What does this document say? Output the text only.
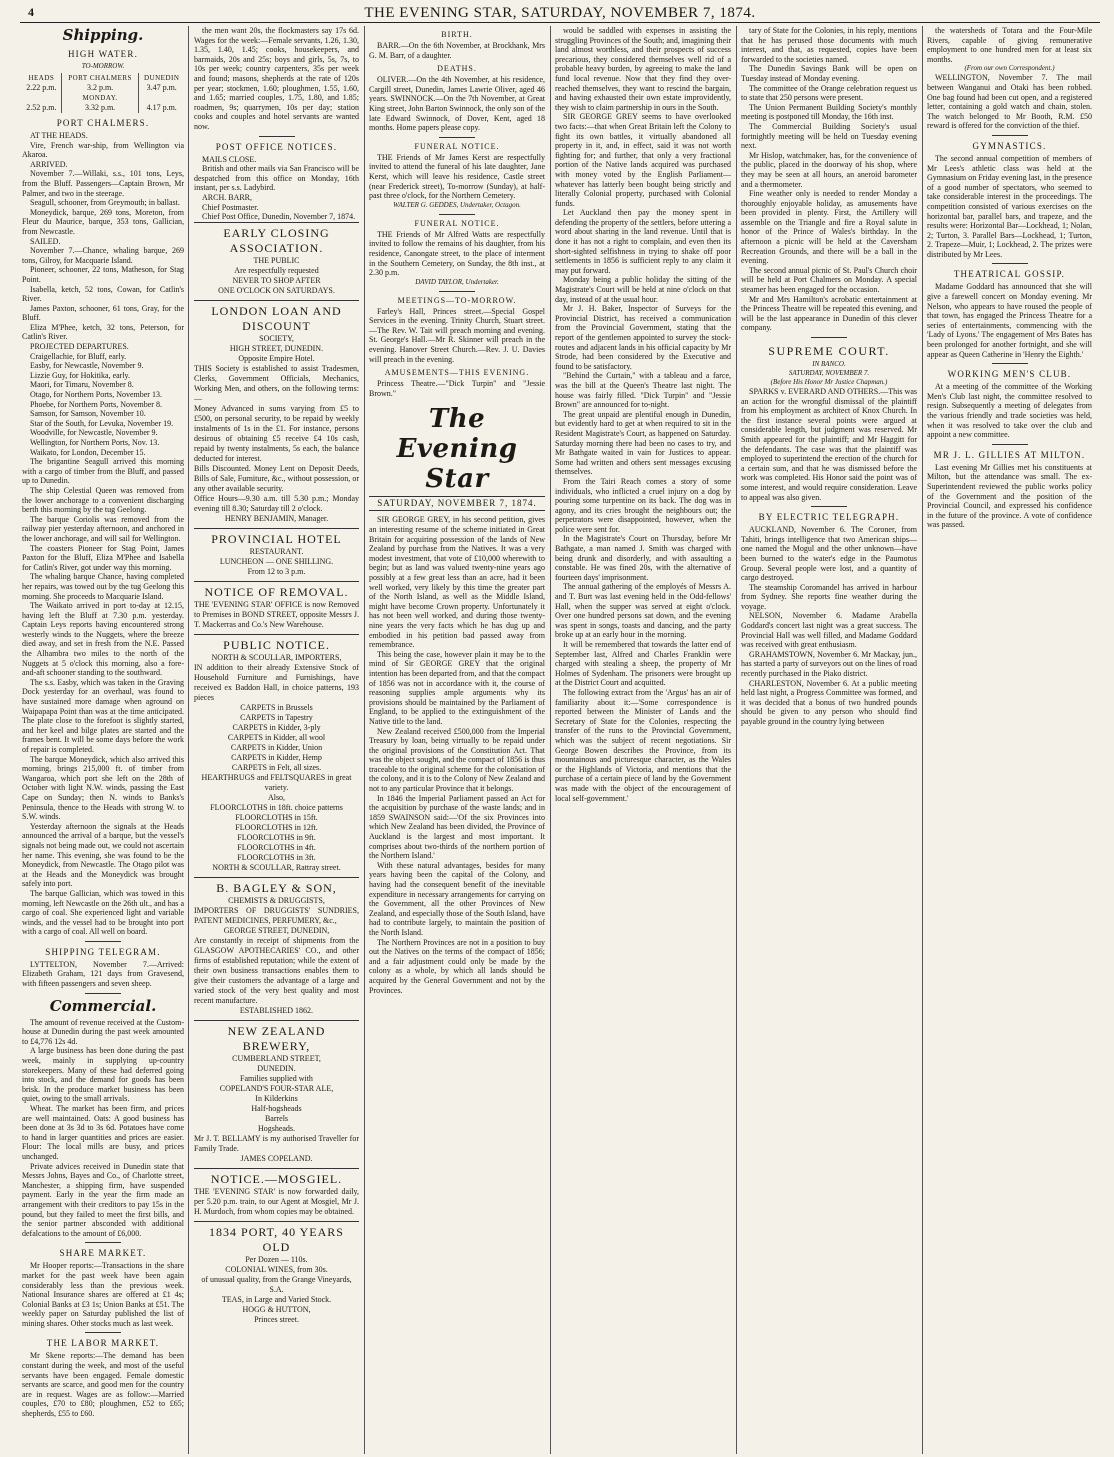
4	THE EVENING STAR, SATURDAY, NOVEMBER 7, 1874.
Shipping.
HIGH WATER.
TO-MORROW.
HEADS	PORT CHALMERS	DUNEDIN
2.22 p.m.	3.2 p.m.	3.47 p.m.
	MONDAY.	
2.52 p.m.	3.32 p.m.	4.17 p.m.
PORT CHALMERS.

AT THE HEADS.

Vire, French war-ship, from Wellington via Akaroa.

ARRIVED.

November 7.—Willaki, s.s., 101 tons, Leys, from the Bluff. Passengers—Captain Brown, Mr Palmer, and two in the steerage.

Seagull, schooner, from Greymouth; in ballast.

Moneydick, barque, 269 tons, Moreton, from Fleur du Maurice, barque, 353 tons, Gallician, from Newcastle.

SAILED.

November 7.—Chance, whaling barque, 269 tons, Gilroy, for Macquarie Island.

Pioneer, schooner, 22 tons, Matheson, for Stag Point.

Isabella, ketch, 52 tons, Cowan, for Catlin's River.

James Paxton, schooner, 61 tons, Gray, for the Bluff.

Eliza M'Phee, ketch, 32 tons, Peterson, for Catlin's River.

PROJECTED DEPARTURES.

Craigellachie, for Bluff, early.

Easby, for Newcastle, November 9.

Lizzie Guy, for Hokitika, early.

Maori, for Timaru, November 8.

Otago, for Northern Ports, November 13.

Phoebe, for Northern Ports, November 8.

Samson, for Samson, November 10.

Star of the South, for Levuka, November 19.

Woodville, for Newcastle, November 9.

Wellington, for Northern Ports, Nov. 13.

Waikato, for London, December 15.

The brigantine Seagull arrived this morning with a cargo of timber from the Bluff, and passed up to Dunedin.

The ship Celestial Queen was removed from the lower anchorage to a convenient discharging berth this morning by the tug Geelong.

The barque Coriolis was removed from the railway pier yesterday afternoon, and anchored in the lower anchorage, and will sail for Wellington.

The coasters Pioneer for Stag Point, James Paxton for the Bluff, Eliza M'Phee and Isabella for Catlin's River, got under way this morning.

The whaling barque Chance, having completed her repairs, was towed out by the tug Geelong this morning. She proceeds to Macquarie Island.

The Waikato arrived in port to-day at 12.15, having left the Bluff at 7.30 p.m. yesterday. Captain Leys reports having encountered strong westerly winds to the Nuggets, where the breeze died away, and set in fresh from the N.E. Passed the Alhambra two miles to the north of the Nuggets at 5 o'clock this morning, also a fore-and-aft schooner standing to the southward.

The s.s. Easby, which was taken in the Graving Dock yesterday for an overhaul, was found to have sustained more damage when aground on Waipapapa Point than was at the time anticipated. The plate close to the forefoot is slightly started, and her keel and bilge plates are started and the frames bent. It will be some days before the work of repair is completed.

The barque Moneydick, which also arrived this morning, brings 215,000 ft. of timber from Wangaroa, which port she left on the 28th of October with light N.W. winds, passing the East Cape on Sunday; then N. winds to Banks's Peninsula, thence to the Heads with strong W. to S.W. winds.

Yesterday afternoon the signals at the Heads announced the arrival of a barque, but the vessel's signals not being made out, we could not ascertain her name. This evening, she was found to be the Moneydick, from Newcastle. The Otago pilot was at the Heads and the Moneydick was brought safely into port.

The barque Gallician, which was towed in this morning, left Newcastle on the 26th ult., and has a cargo of coal. She experienced light and variable winds, and the vessel had to be brought into port with a cargo of coal. All well on board.

SHIPPING TELEGRAM.

LYTTELTON, November 7.—Arrived: Elizabeth Graham, 121 days from Gravesend, with fifteen passengers and seven sheep.

Commercial.

The amount of revenue received at the Custom-house at Dunedin during the past week amounted to £4,776 12s 4d.

A large business has been done during the past week, mainly in supplying up-country storekeepers. Many of these had deferred going into stock, and the demand for goods has been brisk. In the produce market business has been quiet, owing to the small arrivals.

Wheat. The market has been firm, and prices are well maintained. Oats: A good business has been done at 3s 3d to 3s 6d. Potatoes have come to hand in larger quantities and prices are easier. Flour: The local mills are busy, and prices unchanged.

Private advices received in Dunedin state that Messrs Johns, Bayes and Co., of Charlotte street, Manchester, a shipping firm, have suspended payment. Early in the year the firm made an arrangement with their creditors to pay 15s in the pound, but they failed to meet the first bills, and the senior partner absconded with additional defalcations to the amount of £6,000.

SHARE MARKET.

Mr Hooper reports:—Transactions in the share market for the past week have been again considerably less than the previous week. National Insurance shares are offered at £1 4s; Colonial Banks at £3 1s; Union Banks at £51. The weekly paper on Saturday published the list of mining shares. Other stocks much as last week.

THE LABOR MARKET.

Mr Skene reports:—The demand has been constant during the week, and most of the useful servants have been engaged. Female domestic servants are scarce, and good men for the country are in request. Wages are as follow:—Married couples, £70 to £80; ploughmen, £52 to £65; shepherds, £55 to £60.

the men want 20s, the flockmasters say 17s 6d. Wages for the week:—Female servants, 1.26, 1.30, 1.35, 1.40, 1.45; cooks, housekeepers, and barmaids, 20s and 25s; boys and girls, 5s, 7s, to 10s per week; country carpenters, 35s per week and found; masons, shepherds at the rate of 120s per year; stockmen, 1.60; ploughmen, 1.55, 1.60, and 1.65; married couples, 1.75, 1.80, and 1.85; roadmen, 9s; quarrymen, 10s per day; station cooks and couples and hotel servants are wanted now.

POST OFFICE NOTICES.

MAILS CLOSE.

British and other mails via San Francisco will be despatched from this office on Monday, 16th instant, per s.s. Ladybird.

ARCH. BARR,

Chief Postmaster.

Chief Post Office, Dunedin, November 7, 1874.

EARLY CLOSING ASSOCIATION.
THE PUBLIC
Are respectfully requested
NEVER TO SHOP AFTER
ONE O'CLOCK ON SATURDAYS.
LONDON LOAN AND DISCOUNT
SOCIETY,
HIGH STREET, DUNEDIN.
Opposite Empire Hotel.
THIS Society is established to assist Tradesmen, Clerks, Government Officials, Mechanics, Working Men, and others, on the following terms:—
Money Advanced in sums varying from £5 to £500, on personal security, to be repaid by weekly instalments of 1s in the £1. For instance, persons desirous of obtaining £5 receive £4 10s cash, repaid by twenty instalments, 5s each, the balance deducted for interest.
Bills Discounted. Money Lent on Deposit Deeds, Bills of Sale, Furniture, &c., without possession, or any other available security.
Office Hours—9.30 a.m. till 5.30 p.m.; Monday evening till 8.30; Saturday till 2 o'clock.
HENRY BENJAMIN, Manager.
PROVINCIAL HOTEL
RESTAURANT.
LUNCHEON — ONE SHILLING.
From 12 to 3 p.m.
NOTICE OF REMOVAL.
THE 'EVENING STAR' OFFICE is now Removed to Premises in BOND STREET, opposite Messrs J. T. Mackerras and Co.'s New Warehouse.
PUBLIC NOTICE.
NORTH & SCOULLAR, IMPORTERS,
IN addition to their already Extensive Stock of Household Furniture and Furnishings, have received ex Baddon Hall, in choice patterns, 193 pieces
CARPETS in Brussels
CARPETS in Tapestry
CARPETS in Kidder, 3-ply
CARPETS in Kidder, all wool
CARPETS in Kidder, Union
CARPETS in Kidder, Hemp
CARPETS in Felt, all sizes.
HEARTHRUGS and FELTSQUARES in great variety.
Also,
FLOORCLOTHS in 18ft. choice patterns
FLOORCLOTHS in 15ft.
FLOORCLOTHS in 12ft.
FLOORCLOTHS in 9ft.
FLOORCLOTHS in 4ft.
FLOORCLOTHS in 3ft.
NORTH & SCOULLAR, Rattray street.
B. BAGLEY & SON,
CHEMISTS & DRUGGISTS,
IMPORTERS OF DRUGGISTS' SUNDRIES, PATENT MEDICINES, PERFUMERY, &c.,
GEORGE STREET, DUNEDIN,
Are constantly in receipt of shipments from the GLASGOW APOTHECARIES' CO., and other firms of established reputation; while the extent of their own business transactions enables them to give their customers the advantage of a large and varied stock of the very best quality and most recent manufacture.
ESTABLISHED 1862.
NEW ZEALAND BREWERY,
CUMBERLAND STREET,
DUNEDIN.
Families supplied with
COPELAND'S FOUR-STAR ALE,
In Kilderkins
Half-hogsheads
Barrels
Hogsheads.
Mr J. T. BELLAMY is my authorised Traveller for Family Trade.
JAMES COPELAND.
NOTICE.—MOSGIEL.
THE 'EVENING STAR' is now forwarded daily, per 5.20 p.m. train, to our Agent at Mosgiel, Mr J. H. Murdoch, from whom copies may be obtained.
1834 PORT, 40 YEARS OLD
Per Dozen — 110s.
COLONIAL WINES, from 30s.
of unusual quality, from the Grange Vineyards, S.A.
TEAS, in Large and Varied Stock.
HOGG & HUTTON,
Princes street.
BIRTH.

BARR.—On the 6th November, at Brockhank, Mrs G. M. Barr, of a daughter.

DEATHS.

OLIVER.—On the 4th November, at his residence, Cargill street, Dunedin, James Lawrie Oliver, aged 46 years. SWINNOCK.—On the 7th November, at Great King street, John Barton Swinnock, the only son of the late Edward Swinnock, of Dover, Kent, aged 18 months. Home papers please copy.

FUNERAL NOTICE.

THE Friends of Mr James Kerst are respectfully invited to attend the funeral of his late daughter, Jane Kerst, which will leave his residence, Castle street (near Frederick street), To-morrow (Sunday), at half-past three o'clock, for the Northern Cemetery.

WALTER G. GEDDES, Undertaker, Octagon.
FUNERAL NOTICE.

THE Friends of Mr Alfred Watts are respectfully invited to follow the remains of his daughter, from his residence, Canongate street, to the place of interment in the Southern Cemetery, on Sunday, the 8th inst., at 2.30 p.m.

DAVID TAYLOR, Undertaker.
MEETINGS—TO-MORROW.

Farley's Hall, Princes street.—Special Gospel Services in the evening. Trinity Church, Stuart street.—The Rev. W. Tait will preach morning and evening. St. George's Hall.—Mr R. Skinner will preach in the evening. Hanover Street Church.—Rev. J. U. Davies will preach in the evening.

AMUSEMENTS—THIS EVENING.

Princess Theatre.—"Dick Turpin" and "Jessie Brown."

The Evening Star
SATURDAY, NOVEMBER 7, 1874.

SIR GEORGE GREY, in his second petition, gives an interesting resume of the scheme initiated in Great Britain for acquiring possession of the lands of New Zealand by purchase from the Natives. It was a very modest investment, that vote of £10,000 wherewith to begin; but as land was valued twenty-nine years ago possibly at a few great less than an acre, had it been well worked, very likely by this time the greater part of the North Island, as well as the Middle Island, might have become Crown property. Unfortunately it has not been well worked, and during those twenty-nine years the very facts which he has dug up and embodied in his petition bad passed away from remembrance.

This being the case, however plain it may be to the mind of Sir GEORGE GREY that the original intention has been departed from, and that the compact of 1856 was not in accordance with it, the course of reasoning supplies ample arguments why its provisions should be maintained by the Parliament of England, to be applied to the extinguishment of the Native title to the land.

New Zealand received £500,000 from the Imperial Treasury by loan, being virtually to be repaid under the original provisions of the Constitution Act. That was the object sought, and the compact of 1856 is thus traceable to the original scheme for the colonisation of the colony, and it is to the Colony of New Zealand and not to any particular Province that it belongs.

In 1846 the Imperial Parliament passed an Act for the acquisition by purchase of the waste lands; and in 1859 SWAINSON said:—'Of the six Provinces into which New Zealand has been divided, the Province of Auckland is the largest and most important. It comprises about two-thirds of the northern portion of the Northern Island.'

With these natural advantages, besides for many years having been the capital of the Colony, and having had the consequent benefit of the inevitable expenditure in necessary arrangements for carrying on the Government, all the other Provinces of New Zealand, and especially those of the South Island, have had to contribute largely, to maintain the position of the North Island.

The Northern Provinces are not in a position to buy out the Natives on the terms of the compact of 1856; and a fair adjustment could only be made by the colony as a whole, by which all lands should be acquired by the General Government and not by the Provinces.

would be saddled with expenses in assisting the struggling Provinces of the South; and, imagining their land almost worthless, and their prospects of success precarious, they considered themselves well rid of a probable heavy burden, by agreeing to make the land fund local revenue. Now that they find they over-reached themselves, they want to rescind the bargain, and having exhausted their own estate improvidently, they wish to claim partnership in ours in the South.

SIR GEORGE GREY seems to have overlooked two facts:—that when Great Britain left the Colony to fight its own battles, it virtually abandoned all property in it, and, in effect, said it was not worth fighting for; and further, that only a very fractional portion of the Native lands acquired was purchased with money voted by the English Parliament—whatever has latterly been bought being strictly and literally Colonial property, purchased with Colonial funds.

Let Auckland then pay the money spent in defending the property of the settlers, before uttering a word about sharing in the land revenue. Until that is done it has not a right to complain, and even then its short-sighted selfishness in trying to shake off poor settlements in 1856 is sufficient reply to any claim it may put forward.

Monday being a public holiday the sitting of the Magistrate's Court will be held at nine o'clock on that day, instead of at the usual hour.

Mr J. H. Baker, Inspector of Surveys for the Provincial District, has received a communication from the Provincial Government, stating that the report of the gentlemen appointed to survey the stock-routes and adjacent lands in his official capacity by Mr Strode, had been considered by the Executive and found to be satisfactory.

"Behind the Curtain," with a tableau and a farce, was the bill at the Queen's Theatre last night. The house was fairly filled. "Dick Turpin" and "Jessie Brown" are announced for to-night.

The great unpaid are plentiful enough in Dunedin, but evidently hard to get at when required to sit in the Resident Magistrate's Court, as happened on Saturday. Saturday morning there had been no cases to try, and Mr Bathgate waited in vain for Justices to appear. Some had written and others sent messages excusing themselves.

From the Tairi Reach comes a story of some individuals, who inflicted a cruel injury on a dog by pouring some turpentine on its back. The dog was in agony, and its cries brought the neighbours out; the perpetrators were disappointed, however, when the police were sent for.

In the Magistrate's Court on Thursday, before Mr Bathgate, a man named J. Smith was charged with being drunk and disorderly, and with assaulting a constable. He was fined 20s, with the alternative of fourteen days' imprisonment.

The annual gathering of the employés of Messrs A. and T. Burt was last evening held in the Odd-fellows' Hall, when the supper was served at eight o'clock. Over one hundred persons sat down, and the evening was spent in songs, toasts and dancing, and the party broke up at an early hour in the morning.

It will be remembered that towards the latter end of September last, Alfred and Charles Franklin were charged with stealing a sheep, the property of Mr Holmes of Sydenham. The prisoners were brought up at the District Court and acquitted.

The following extract from the 'Argus' has an air of familiarity about it:—'Some correspondence is reported between the Minister of Lands and the Secretary of State for the Colonies, respecting the transfer of the runs to the Provincial Government, which was the subject of recent negotiations. Sir George Bowen describes the Province, from its mountainous and picturesque character, as the Wales or the Highlands of Victoria, and mentions that the purchase of a certain piece of land by the Government was made with the object of the encouragement of local self-government.'

tary of State for the Colonies, in his reply, mentions that he has perused those documents with much interest, and that, as requested, copies have been forwarded to the societies named.

The Dunedin Savings Bank will be open on Tuesday instead of Monday evening.

The committee of the Orange celebration request us to state that 250 persons were present.

The Union Permanent Building Society's monthly meeting is postponed till Monday, the 16th inst.

The Commercial Building Society's usual fortnightly meeting will be held on Tuesday evening next.

Mr Hislop, watchmaker, has, for the convenience of the public, placed in the doorway of his shop, where they may be seen at all hours, an aneroid barometer and a thermometer.

Fine weather only is needed to render Monday a thoroughly enjoyable holiday, as amusements have been provided in plenty. First, the Artillery will assemble on the Triangle and fire a Royal salute in honor of the Prince of Wales's birthday. In the afternoon a picnic will be held at the Caversham Recreation Grounds, and there will be a ball in the evening.

The second annual picnic of St. Paul's Church choir will be held at Port Chalmers on Monday. A special steamer has been engaged for the occasion.

Mr and Mrs Hamilton's acrobatic entertainment at the Princess Theatre will be repeated this evening, and will be the last appearance in Dunedin of this clever company.

SUPREME COURT.
IN BANCO.
SATURDAY, NOVEMBER 7.
(Before His Honor Mr Justice Chapman.)

SPARKS v. EVERARD AND OTHERS.—This was an action for the wrongful dismissal of the plaintiff from his employment as architect of Knox Church. In the first instance several points were argued at considerable length, but judgment was reserved. Mr Smith appeared for the plaintiff; and Mr Haggitt for the defendants. The case was that the plaintiff was employed to superintend the erection of the church for a certain sum, and that he was dismissed before the work was completed. His Honor said the point was of some interest, and would require consideration. Leave to appeal was also given.

BY ELECTRIC TELEGRAPH.

AUCKLAND, November 6. The Coroner, from Tahiti, brings intelligence that two American ships—one named the Mogul and the other unknown—have been burned to the water's edge in the Paumotus Group. Several people were lost, and a quantity of cargo destroyed.

The steamship Coromandel has arrived in harbour from Sydney. She reports fine weather during the voyage.

NELSON, November 6. Madame Arabella Goddard's concert last night was a great success. The Provincial Hall was well filled, and Madame Goddard was received with great enthusiasm.

GRAHAMSTOWN, November 6. Mr Mackay, jun., has started a party of surveyors out on the lines of road recently purchased in the Piako district.

CHARLESTON, November 6. At a public meeting held last night, a Progress Committee was formed, and it was decided that a bonus of two hundred pounds should be given to any person who should find payable ground in the country lying between

the watersheds of Totara and the Four-Mile Rivers, capable of giving remunerative employment to one hundred men for at least six months.

(From our own Correspondent.)

WELLINGTON, November 7. The mail between Wanganui and Otaki has been robbed. One bag found had been cut open, and a registered letter, containing a gold watch and chain, stolen. The watch belonged to Mr Booth, R.M. £50 reward is offered for the conviction of the thief.

GYMNASTICS.

The second annual competition of members of Mr Lees's athletic class was held at the Gymnasium on Friday evening last, in the presence of a good number of spectators, who seemed to take considerable interest in the proceedings. The competition consisted of various exercises on the horizontal bar, parallel bars, and trapeze, and the results were: Horizontal Bar—Lockhead, 1; Nolan, 2; Turton, 3. Parallel Bars—Lockhead, 1; Turton, 2. Trapeze—Muir, 1; Lockhead, 2. The prizes were distributed by Mr Lees.

THEATRICAL GOSSIP.

Madame Goddard has announced that she will give a farewell concert on Monday evening. Mr Nelson, who appears to have roused the people of that town, has engaged the Princess Theatre for a series of entertainments, commencing with the 'Lady of Lyons.' The engagement of Mrs Bates has been prolonged for another fortnight, and she will appear as Queen Catherine in 'Henry the Eighth.'

WORKING MEN'S CLUB.

At a meeting of the committee of the Working Men's Club last night, the committee resolved to resign. Subsequently a meeting of delegates from the various friendly and trade societies was held, when it was resolved to take over the club and appoint a new committee.

MR J. L. GILLIES AT MILTON.

Last evening Mr Gillies met his constituents at Milton, but the attendance was small. The ex-Superintendent reviewed the public works policy of the Government and the position of the Provincial Council, and expressed his confidence in the future of the province. A vote of confidence was passed.
